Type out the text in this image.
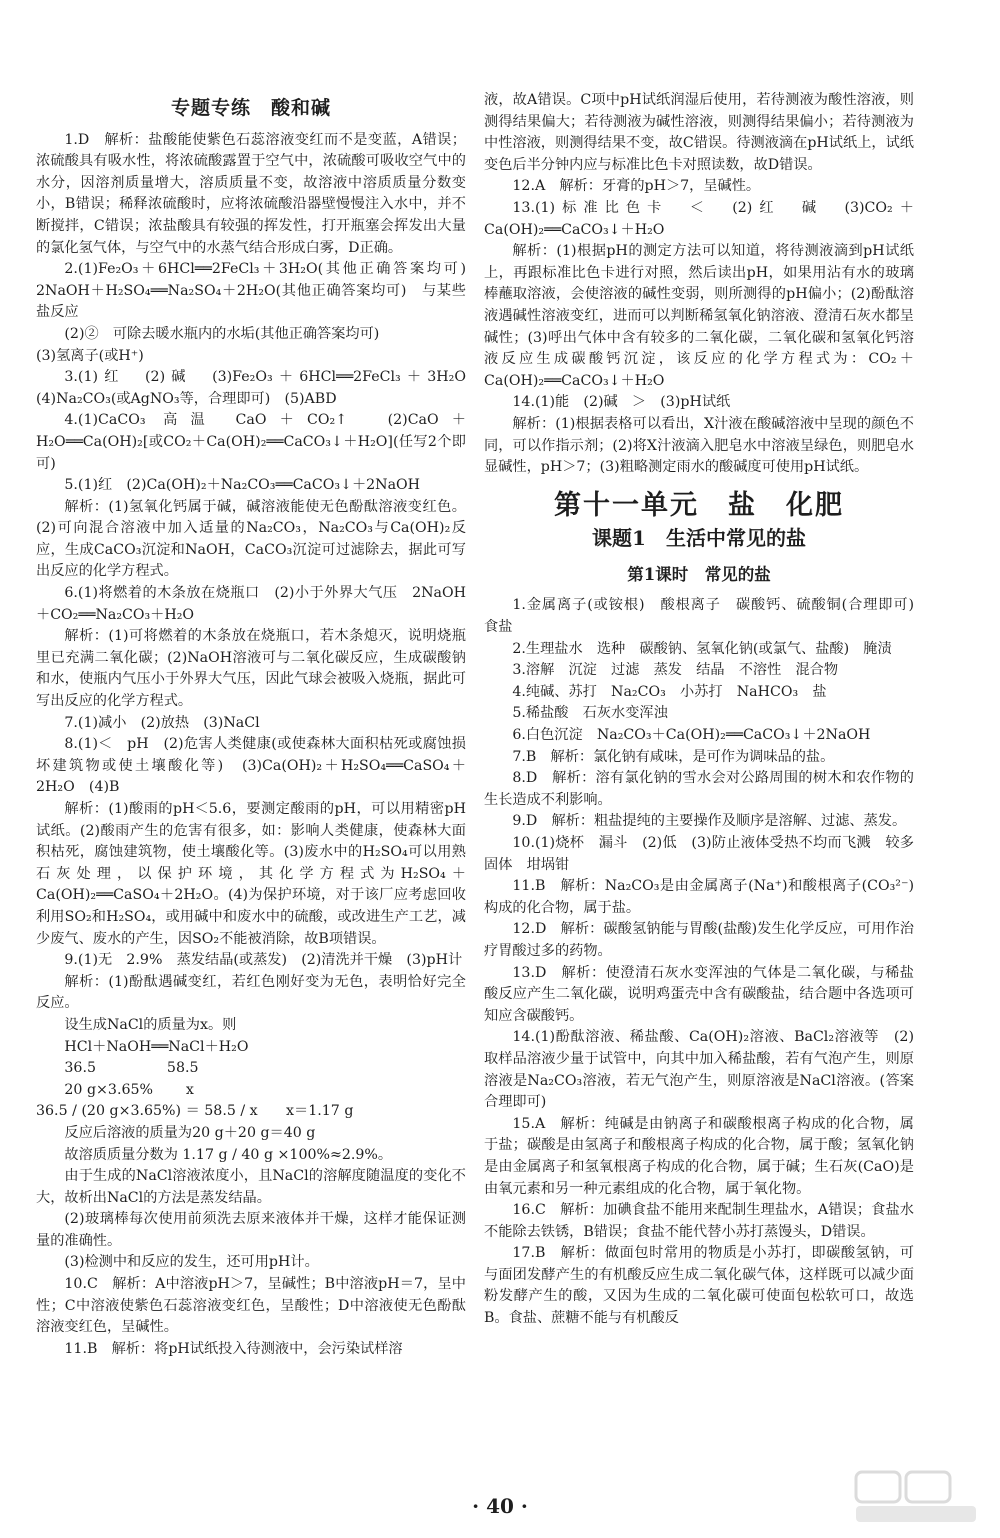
专题专练　酸和碱

1.D　解析：盐酸能使紫色石蕊溶液变红而不是变蓝，A错误；浓硫酸具有吸水性，将浓硫酸露置于空气中，浓硫酸可吸收空气中的水分，因溶剂质量增大，溶质质量不变，故溶液中溶质质量分数变小，B错误；稀释浓硫酸时，应将浓硫酸沿器壁慢慢注入水中，并不断搅拌，C错误；浓盐酸具有较强的挥发性，打开瓶塞会挥发出大量的氯化氢气体，与空气中的水蒸气结合形成白雾，D正确。

2.(1)Fe₂O₃＋6HCl══2FeCl₃＋3H₂O(其他正确答案均可)　2NaOH＋H₂SO₄══Na₂SO₄＋2H₂O(其他正确答案均可)　与某些盐反应

(2)②　可除去暖水瓶内的水垢(其他正确答案均可)

(3)氢离子(或H⁺)

3.(1)红　(2)碱　(3)Fe₂O₃＋6HCl══2FeCl₃＋3H₂O　(4)Na₂CO₃(或AgNO₃等，合理即可)　(5)ABD

4.(1)CaCO₃ 高温 CaO＋CO₂↑　(2)CaO＋H₂O══Ca(OH)₂[或CO₂＋Ca(OH)₂══CaCO₃↓＋H₂O](任写2个即可)

5.(1)红　(2)Ca(OH)₂＋Na₂CO₃══CaCO₃↓＋2NaOH

解析：(1)氢氧化钙属于碱，碱溶液能使无色酚酞溶液变红色。(2)可向混合溶液中加入适量的Na₂CO₃，Na₂CO₃与Ca(OH)₂反应，生成CaCO₃沉淀和NaOH，CaCO₃沉淀可过滤除去，据此可写出反应的化学方程式。

6.(1)将燃着的木条放在烧瓶口　(2)小于外界大气压　2NaOH＋CO₂══Na₂CO₃＋H₂O

解析：(1)可将燃着的木条放在烧瓶口，若木条熄灭，说明烧瓶里已充满二氧化碳；(2)NaOH溶液可与二氧化碳反应，生成碳酸钠和水，使瓶内气压小于外界大气压，因此气球会被吸入烧瓶，据此可写出反应的化学方程式。

7.(1)减小　(2)放热　(3)NaCl

8.(1)＜　pH　(2)危害人类健康(或使森林大面积枯死或腐蚀损坏建筑物或使土壤酸化等)　(3)Ca(OH)₂＋H₂SO₄══CaSO₄＋2H₂O　(4)B

解析：(1)酸雨的pH＜5.6，要测定酸雨的pH，可以用精密pH试纸。(2)酸雨产生的危害有很多，如：影响人类健康，使森林大面积枯死，腐蚀建筑物，使土壤酸化等。(3)废水中的H₂SO₄可以用熟石灰处理，以保护环境，其化学方程式为H₂SO₄＋Ca(OH)₂══CaSO₄＋2H₂O。(4)为保护环境，对于该厂应考虑回收利用SO₂和H₂SO₄，或用碱中和废水中的硫酸，或改进生产工艺，减少废气、废水的产生，因SO₂不能被消除，故B项错误。

9.(1)无　2.9%　蒸发结晶(或蒸发)　(2)清洗并干燥　(3)pH计

解析：(1)酚酞遇碱变红，若红色刚好变为无色，表明恰好完全反应。

设生成NaCl的质量为x。则

HCl＋NaOH══NaCl＋H₂O

36.5　　　　　58.5

20 g×3.65%　　 x

36.5 / (20 g×3.65%) ＝ 58.5 / x　　x＝1.17 g

反应后溶液的质量为20 g＋20 g＝40 g

故溶质质量分数为 1.17 g / 40 g ×100%≈2.9%。

由于生成的NaCl溶液浓度小，且NaCl的溶解度随温度的变化不大，故析出NaCl的方法是蒸发结晶。

(2)玻璃棒每次使用前须洗去原来液体并干燥，这样才能保证测量的准确性。

(3)检测中和反应的发生，还可用pH计。

10.C　解析：A中溶液pH＞7，呈碱性；B中溶液pH＝7，呈中性；C中溶液使紫色石蕊溶液变红色，呈酸性；D中溶液使无色酚酞溶液变红色，呈碱性。

11.B　解析：将pH试纸投入待测液中，会污染试样溶

液，故A错误。C项中pH试纸润湿后使用，若待测液为酸性溶液，则测得结果偏大；若待测液为碱性溶液，则测得结果偏小；若待测液为中性溶液，则测得结果不变，故C错误。待测液滴在pH试纸上，试纸变色后半分钟内应与标准比色卡对照读数，故D错误。

12.A　解析：牙膏的pH＞7，呈碱性。

13.(1)标准比色卡　＜　(2)红　碱　(3)CO₂＋Ca(OH)₂══CaCO₃↓＋H₂O

解析：(1)根据pH的测定方法可以知道，将待测液滴到pH试纸上，再跟标准比色卡进行对照，然后读出pH，如果用沾有水的玻璃棒蘸取溶液，会使溶液的碱性变弱，则所测得的pH偏小；(2)酚酞溶液遇碱性溶液变红，进而可以判断稀氢氧化钠溶液、澄清石灰水都呈碱性；(3)呼出气体中含有较多的二氧化碳，二氧化碳和氢氧化钙溶液反应生成碳酸钙沉淀，该反应的化学方程式为：CO₂＋Ca(OH)₂══CaCO₃↓＋H₂O

14.(1)能　(2)碱　＞　(3)pH试纸

解析：(1)根据表格可以看出，X汁液在酸碱溶液中呈现的颜色不同，可以作指示剂；(2)将X汁液滴入肥皂水中溶液呈绿色，则肥皂水显碱性，pH＞7；(3)粗略测定雨水的酸碱度可使用pH试纸。

第十一单元　盐　化肥
课题1　生活中常见的盐
第1课时　常见的盐

1.金属离子(或铵根)　酸根离子　碳酸钙、硫酸铜(合理即可)　食盐

2.生理盐水　选种　碳酸钠、氢氧化钠(或氯气、盐酸)　腌渍

3.溶解　沉淀　过滤　蒸发　结晶　不溶性　混合物

4.纯碱、苏打　Na₂CO₃　小苏打　NaHCO₃　盐

5.稀盐酸　石灰水变浑浊

6.白色沉淀　Na₂CO₃＋Ca(OH)₂══CaCO₃↓＋2NaOH

7.B　解析：氯化钠有咸味，是可作为调味品的盐。

8.D　解析：溶有氯化钠的雪水会对公路周围的树木和农作物的生长造成不利影响。

9.D　解析：粗盐提纯的主要操作及顺序是溶解、过滤、蒸发。

10.(1)烧杯　漏斗　(2)低　(3)防止液体受热不均而飞溅　较多固体　坩埚钳

11.B　解析：Na₂CO₃是由金属离子(Na⁺)和酸根离子(CO₃²⁻)构成的化合物，属于盐。

12.D　解析：碳酸氢钠能与胃酸(盐酸)发生化学反应，可用作治疗胃酸过多的药物。

13.D　解析：使澄清石灰水变浑浊的气体是二氧化碳，与稀盐酸反应产生二氧化碳，说明鸡蛋壳中含有碳酸盐，结合题中各选项可知应含碳酸钙。

14.(1)酚酞溶液、稀盐酸、Ca(OH)₂溶液、BaCl₂溶液等　(2)取样品溶液少量于试管中，向其中加入稀盐酸，若有气泡产生，则原溶液是Na₂CO₃溶液，若无气泡产生，则原溶液是NaCl溶液。(答案合理即可)

15.A　解析：纯碱是由钠离子和碳酸根离子构成的化合物，属于盐；碳酸是由氢离子和酸根离子构成的化合物，属于酸；氢氧化钠是由金属离子和氢氧根离子构成的化合物，属于碱；生石灰(CaO)是由氧元素和另一种元素组成的化合物，属于氧化物。

16.C　解析：加碘食盐不能用来配制生理盐水，A错误；食盐水不能除去铁锈，B错误；食盐不能代替小苏打蒸馒头，D错误。

17.B　解析：做面包时常用的物质是小苏打，即碳酸氢钠，可与面团发酵产生的有机酸反应生成二氧化碳气体，这样既可以减少面粉发酵产生的酸，又因为生成的二氧化碳可使面包松软可口，故选B。食盐、蔗糖不能与有机酸反

· 40 ·
